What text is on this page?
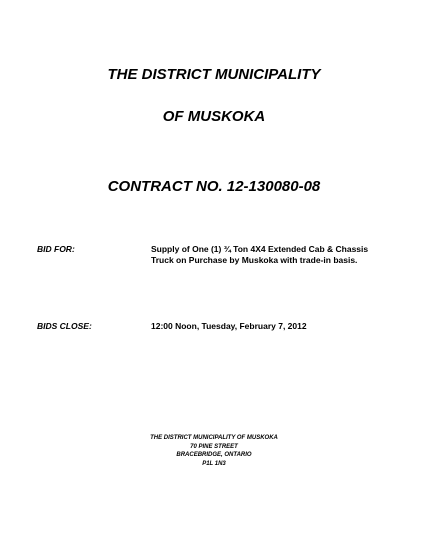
THE DISTRICT MUNICIPALITY
OF MUSKOKA
CONTRACT NO. 12-130080-08
BID FOR:	Supply of One (1) ¾ Ton 4X4 Extended Cab & Chassis Truck on Purchase by Muskoka with trade-in basis.
BIDS CLOSE:	12:00 Noon, Tuesday, February 7, 2012
THE DISTRICT MUNICIPALITY OF MUSKOKA
70 PINE STREET
BRACEBRIDGE, ONTARIO
P1L 1N3
